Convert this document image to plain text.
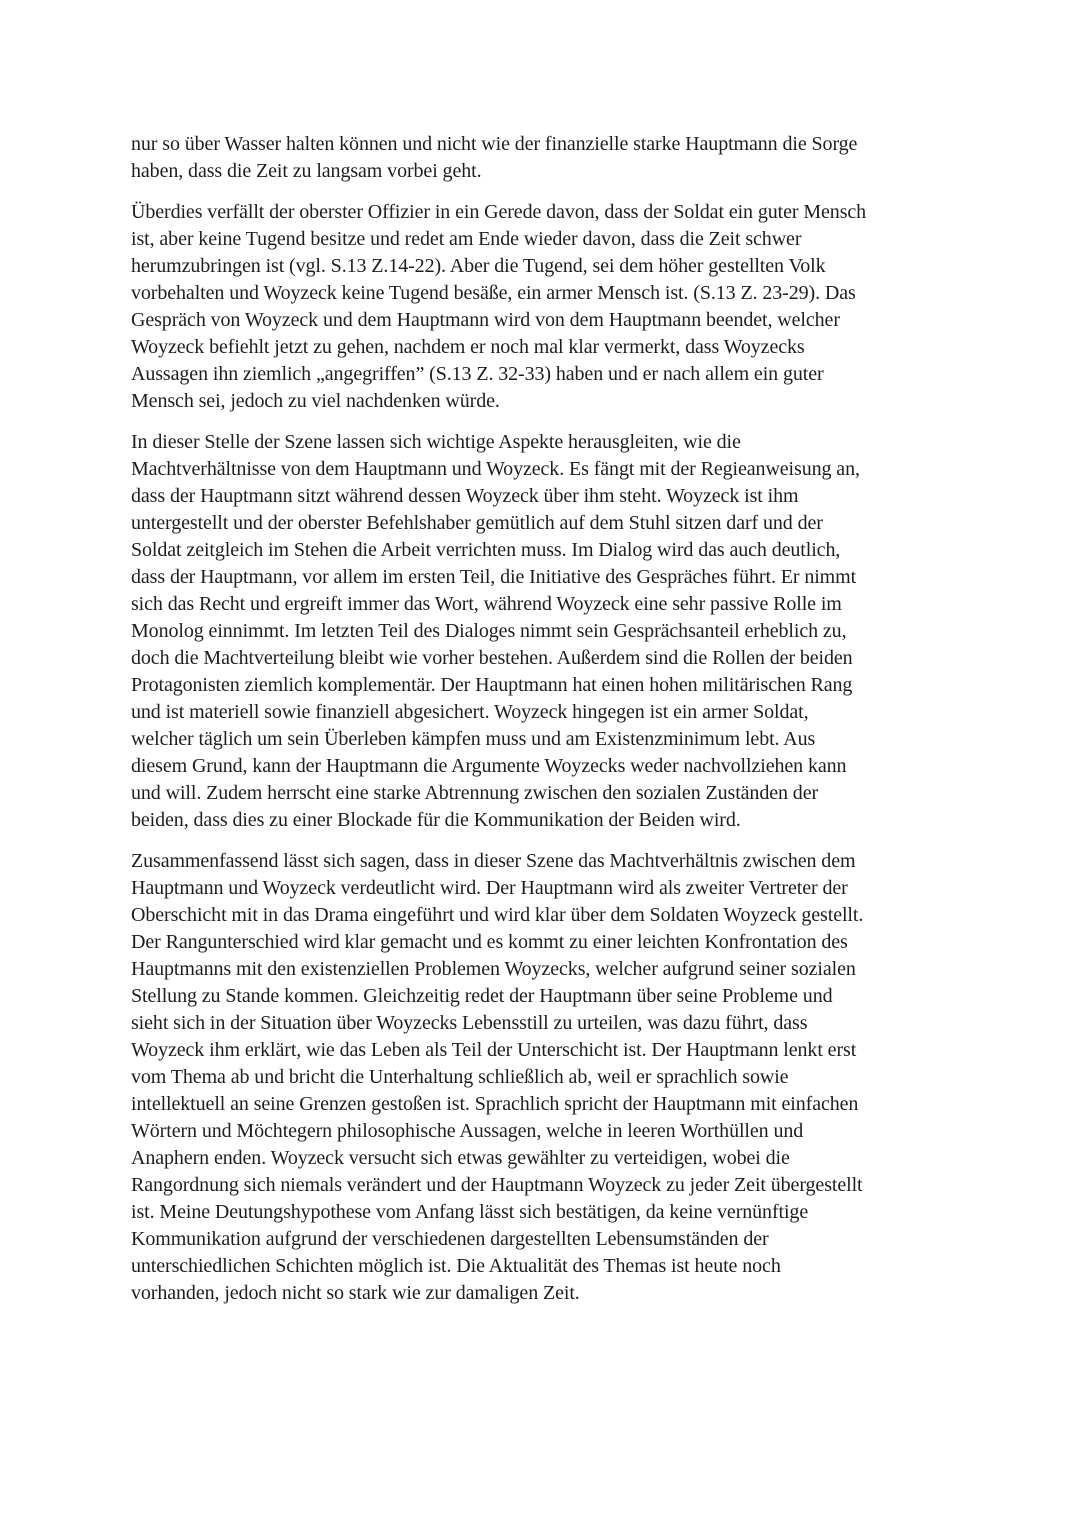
nur so über Wasser halten können und nicht wie der finanzielle starke Hauptmann die Sorge
haben, dass die Zeit zu langsam vorbei geht.

Überdies verfällt der oberster Offizier in ein Gerede davon, dass der Soldat ein guter Mensch
ist, aber keine Tugend besitze und redet am Ende wieder davon, dass die Zeit schwer
herumzubringen ist (vgl. S.13 Z.14-22). Aber die Tugend, sei dem höher gestellten Volk
vorbehalten und Woyzeck keine Tugend besäße, ein armer Mensch ist. (S.13 Z. 23-29). Das
Gespräch von Woyzeck und dem Hauptmann wird von dem Hauptmann beendet, welcher
Woyzeck befiehlt jetzt zu gehen, nachdem er noch mal klar vermerkt, dass Woyzecks
Aussagen ihn ziemlich „angegriffen” (S.13 Z. 32-33) haben und er nach allem ein guter
Mensch sei, jedoch zu viel nachdenken würde.

In dieser Stelle der Szene lassen sich wichtige Aspekte herausgleiten, wie die
Machtverhältnisse von dem Hauptmann und Woyzeck. Es fängt mit der Regieanweisung an,
dass der Hauptmann sitzt während dessen Woyzeck über ihm steht. Woyzeck ist ihm
untergestellt und der oberster Befehlshaber gemütlich auf dem Stuhl sitzen darf und der
Soldat zeitgleich im Stehen die Arbeit verrichten muss. Im Dialog wird das auch deutlich,
dass der Hauptmann, vor allem im ersten Teil, die Initiative des Gespräches führt. Er nimmt
sich das Recht und ergreift immer das Wort, während Woyzeck eine sehr passive Rolle im
Monolog einnimmt. Im letzten Teil des Dialoges nimmt sein Gesprächsanteil erheblich zu,
doch die Machtverteilung bleibt wie vorher bestehen. Außerdem sind die Rollen der beiden
Protagonisten ziemlich komplementär. Der Hauptmann hat einen hohen militärischen Rang
und ist materiell sowie finanziell abgesichert. Woyzeck hingegen ist ein armer Soldat,
welcher täglich um sein Überleben kämpfen muss und am Existenzminimum lebt. Aus
diesem Grund, kann der Hauptmann die Argumente Woyzecks weder nachvollziehen kann
und will. Zudem herrscht eine starke Abtrennung zwischen den sozialen Zuständen der
beiden, dass dies zu einer Blockade für die Kommunikation der Beiden wird.

Zusammenfassend lässt sich sagen, dass in dieser Szene das Machtverhältnis zwischen dem
Hauptmann und Woyzeck verdeutlicht wird. Der Hauptmann wird als zweiter Vertreter der
Oberschicht mit in das Drama eingeführt und wird klar über dem Soldaten Woyzeck gestellt.
Der Rangunterschied wird klar gemacht und es kommt zu einer leichten Konfrontation des
Hauptmanns mit den existenziellen Problemen Woyzecks, welcher aufgrund seiner sozialen
Stellung zu Stande kommen. Gleichzeitig redet der Hauptmann über seine Probleme und
sieht sich in der Situation über Woyzecks Lebensstill zu urteilen, was dazu führt, dass
Woyzeck ihm erklärt, wie das Leben als Teil der Unterschicht ist. Der Hauptmann lenkt erst
vom Thema ab und bricht die Unterhaltung schließlich ab, weil er sprachlich sowie
intellektuell an seine Grenzen gestoßen ist. Sprachlich spricht der Hauptmann mit einfachen
Wörtern und Möchtegern philosophische Aussagen, welche in leeren Worthüllen und
Anaphern enden. Woyzeck versucht sich etwas gewählter zu verteidigen, wobei die
Rangordnung sich niemals verändert und der Hauptmann Woyzeck zu jeder Zeit übergestellt
ist. Meine Deutungshypothese vom Anfang lässt sich bestätigen, da keine vernünftige
Kommunikation aufgrund der verschiedenen dargestellten Lebensumständen der
unterschiedlichen Schichten möglich ist. Die Aktualität des Themas ist heute noch
vorhanden, jedoch nicht so stark wie zur damaligen Zeit.
